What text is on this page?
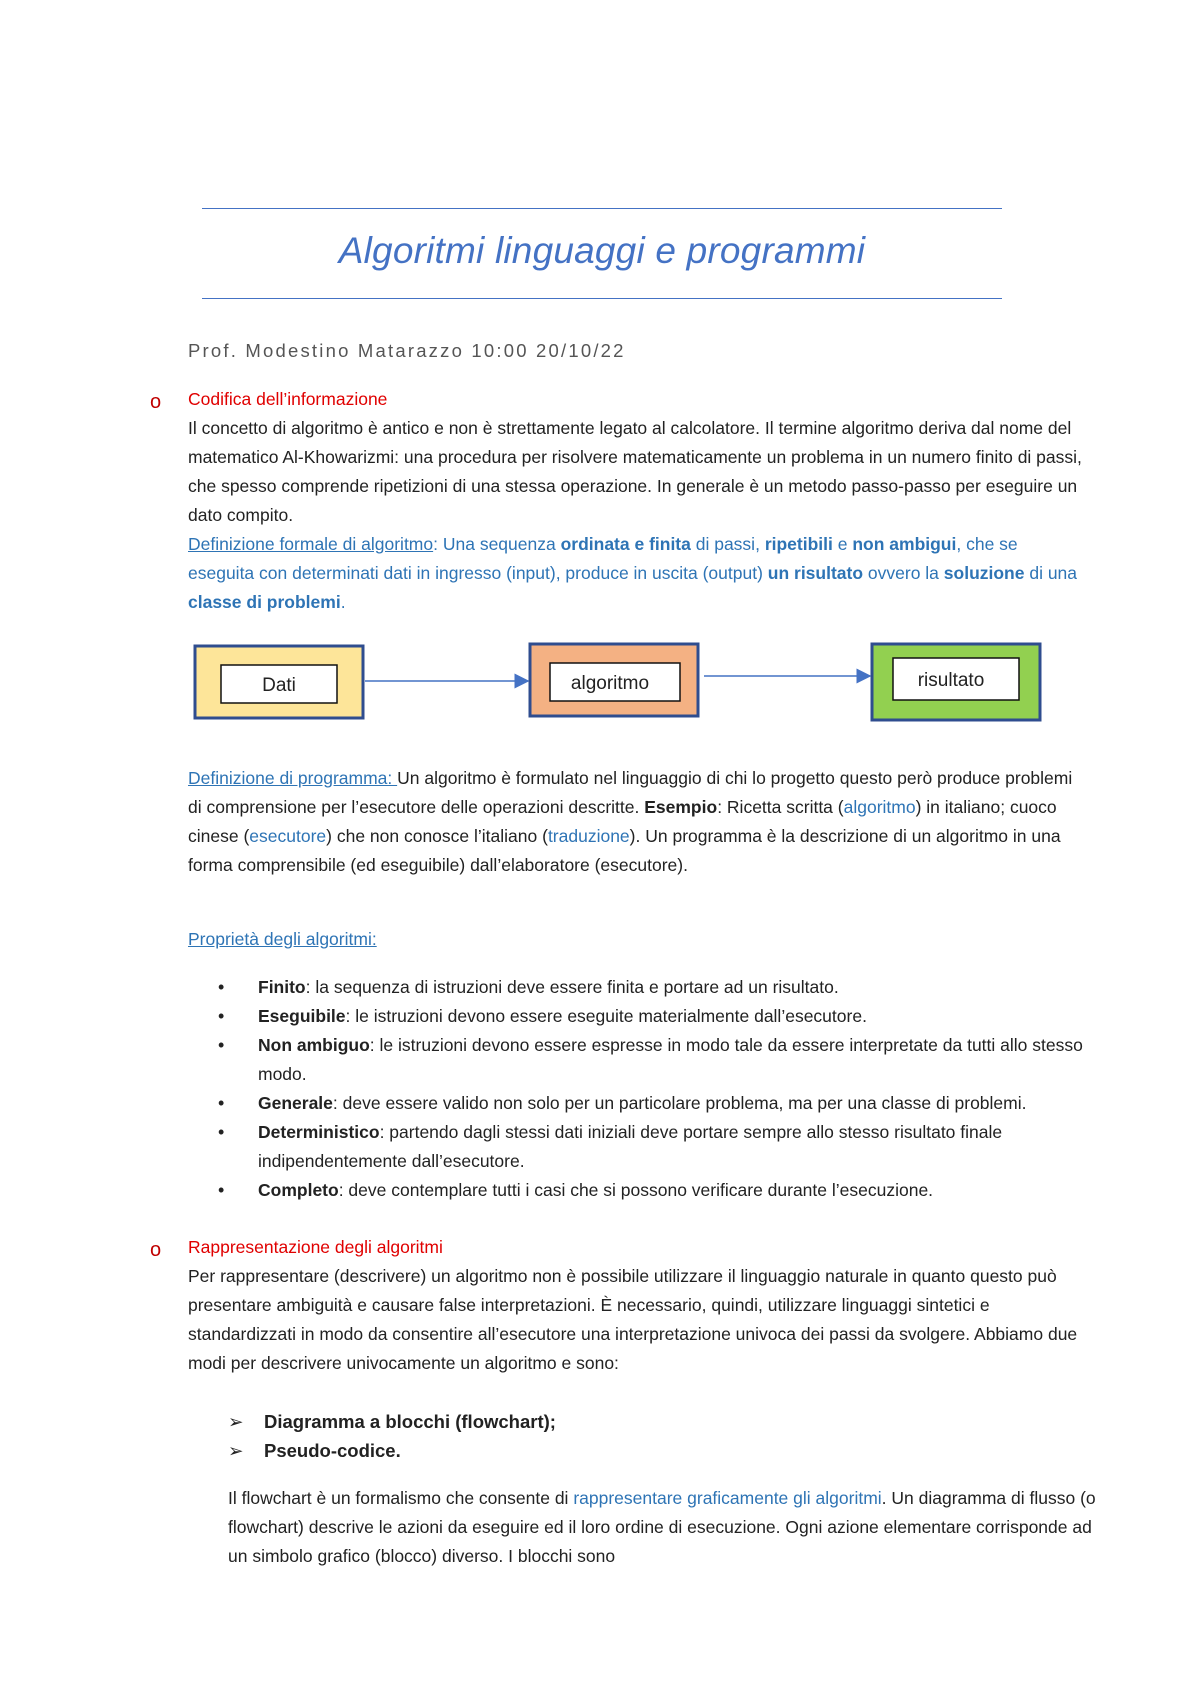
Algoritmi linguaggi e programmi
Prof. Modestino Matarazzo 10:00 20/10/22
o Codifica dell’informazione

Il concetto di algoritmo è antico e non è strettamente legato al calcolatore. Il termine algoritmo deriva dal nome del matematico Al-Khowarizmi: una procedura per risolvere matematicamente un problema in un numero finito di passi, che spesso comprende ripetizioni di una stessa operazione. In generale è un metodo passo-passo per eseguire un dato compito.

Definizione formale di algoritmo: Una sequenza ordinata e finita di passi, ripetibili e non ambigui, che se eseguita con determinati dati in ingresso (input), produce in uscita (output) un risultato ovvero la soluzione di una classe di problemi.

Dati	algoritmo	risultato

Definizione di programma: Un algoritmo è formulato nel linguaggio di chi lo progetto questo però produce problemi di comprensione per l’esecutore delle operazioni descritte. Esempio: Ricetta scritta (algoritmo) in italiano; cuoco cinese (esecutore) che non conosce l’italiano (traduzione). Un programma è la descrizione di un algoritmo in una forma comprensibile (ed eseguibile) dall’elaboratore (esecutore).

Proprietà degli algoritmi:
•	Finito: la sequenza di istruzioni deve essere finita e portare ad un risultato.
•	Eseguibile: le istruzioni devono essere eseguite materialmente dall’esecutore.
•	Non ambiguo: le istruzioni devono essere espresse in modo tale da essere interpretate da tutti allo stesso modo.
•	Generale: deve essere valido non solo per un particolare problema, ma per una classe di problemi.
•	Deterministico: partendo dagli stessi dati iniziali deve portare sempre allo stesso risultato finale indipendentemente dall’esecutore.
•	Completo: deve contemplare tutti i casi che si possono verificare durante l’esecuzione.
o Rappresentazione degli algoritmi

Per rappresentare (descrivere) un algoritmo non è possibile utilizzare il linguaggio naturale in quanto questo può presentare ambiguità e causare false interpretazioni. È necessario, quindi, utilizzare linguaggi sintetici e standardizzati in modo da consentire all’esecutore una interpretazione univoca dei passi da svolgere. Abbiamo due modi per descrivere univocamente un algoritmo e sono:

➢	Diagramma a blocchi (flowchart);
➢	Pseudo-codice.

Il flowchart è un formalismo che consente di rappresentare graficamente gli algoritmi. Un diagramma di flusso (o flowchart) descrive le azioni da eseguire ed il loro ordine di esecuzione. Ogni azione elementare corrisponde ad un simbolo grafico (blocco) diverso. I blocchi sono
